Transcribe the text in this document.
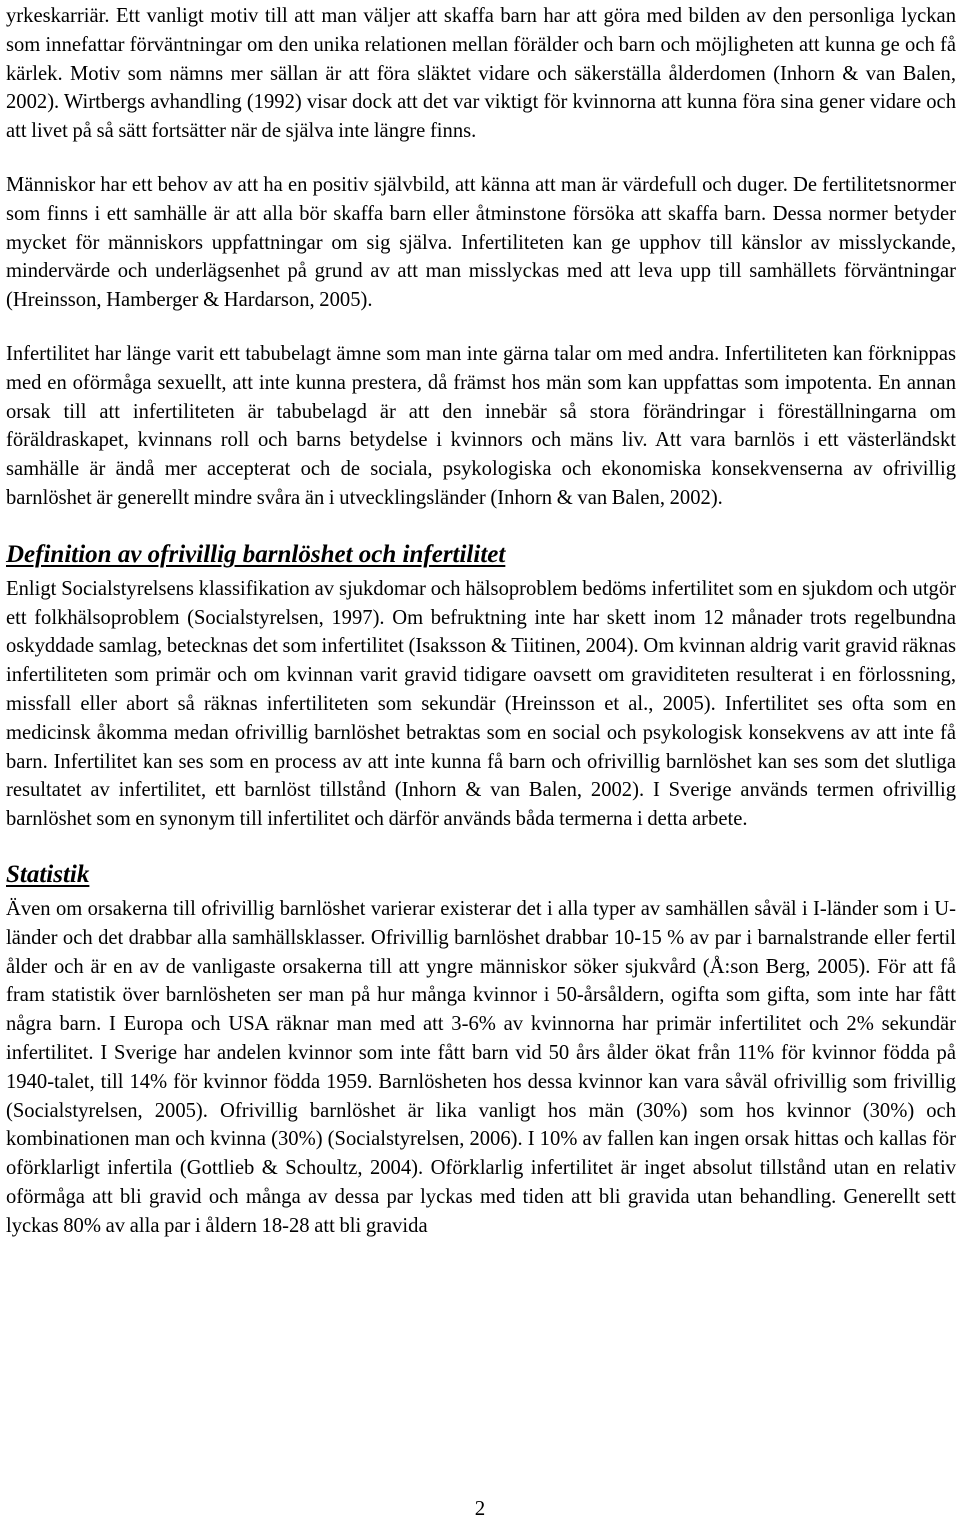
yrkeskarriär. Ett vanligt motiv till att man väljer att skaffa barn har att göra med bilden av den personliga lyckan som innefattar förväntningar om den unika relationen mellan förälder och barn och möjligheten att kunna ge och få kärlek. Motiv som nämns mer sällan är att föra släktet vidare och säkerställa ålderdomen (Inhorn & van Balen, 2002). Wirtbergs avhandling (1992) visar dock att det var viktigt för kvinnorna att kunna föra sina gener vidare och att livet på så sätt fortsätter när de själva inte längre finns.

Människor har ett behov av att ha en positiv självbild, att känna att man är värdefull och duger. De fertilitetsnormer som finns i ett samhälle är att alla bör skaffa barn eller åtminstone försöka att skaffa barn. Dessa normer betyder mycket för människors uppfattningar om sig själva. Infertiliteten kan ge upphov till känslor av misslyckande, mindervärde och underlägsenhet på grund av att man misslyckas med att leva upp till samhällets förväntningar (Hreinsson, Hamberger & Hardarson, 2005).

Infertilitet har länge varit ett tabubelagt ämne som man inte gärna talar om med andra. Infertiliteten kan förknippas med en oförmåga sexuellt, att inte kunna prestera, då främst hos män som kan uppfattas som impotenta. En annan orsak till att infertiliteten är tabubelagd är att den innebär så stora förändringar i föreställningarna om föräldraskapet, kvinnans roll och barns betydelse i kvinnors och mäns liv. Att vara barnlös i ett västerländskt samhälle är ändå mer accepterat och de sociala, psykologiska och ekonomiska konsekvenserna av ofrivillig barnlöshet är generellt mindre svåra än i utvecklingsländer (Inhorn & van Balen, 2002).

Definition av ofrivillig barnlöshet och infertilitet

Enligt Socialstyrelsens klassifikation av sjukdomar och hälsoproblem bedöms infertilitet som en sjukdom och utgör ett folkhälsoproblem (Socialstyrelsen, 1997). Om befruktning inte har skett inom 12 månader trots regelbundna oskyddade samlag, betecknas det som infertilitet (Isaksson & Tiitinen, 2004). Om kvinnan aldrig varit gravid räknas infertiliteten som primär och om kvinnan varit gravid tidigare oavsett om graviditeten resulterat i en förlossning, missfall eller abort så räknas infertiliteten som sekundär (Hreinsson et al., 2005). Infertilitet ses ofta som en medicinsk åkomma medan ofrivillig barnlöshet betraktas som en social och psykologisk konsekvens av att inte få barn. Infertilitet kan ses som en process av att inte kunna få barn och ofrivillig barnlöshet kan ses som det slutliga resultatet av infertilitet, ett barnlöst tillstånd (Inhorn & van Balen, 2002). I Sverige används termen ofrivillig barnlöshet som en synonym till infertilitet och därför används båda termerna i detta arbete.

Statistik

Även om orsakerna till ofrivillig barnlöshet varierar existerar det i alla typer av samhällen såväl i I-länder som i U-länder och det drabbar alla samhällsklasser. Ofrivillig barnlöshet drabbar 10-15 % av par i barnalstrande eller fertil ålder och är en av de vanligaste orsakerna till att yngre människor söker sjukvård (Å:son Berg, 2005). För att få fram statistik över barnlösheten ser man på hur många kvinnor i 50-årsåldern, ogifta som gifta, som inte har fått några barn. I Europa och USA räknar man med att 3-6% av kvinnorna har primär infertilitet och 2% sekundär infertilitet. I Sverige har andelen kvinnor som inte fått barn vid 50 års ålder ökat från 11% för kvinnor födda på 1940-talet, till 14% för kvinnor födda 1959. Barnlösheten hos dessa kvinnor kan vara såväl ofrivillig som frivillig (Socialstyrelsen, 2005). Ofrivillig barnlöshet är lika vanligt hos män (30%) som hos kvinnor (30%) och kombinationen man och kvinna (30%) (Socialstyrelsen, 2006). I 10% av fallen kan ingen orsak hittas och kallas för oförklarligt infertila (Gottlieb & Schoultz, 2004). Oförklarlig infertilitet är inget absolut tillstånd utan en relativ oförmåga att bli gravid och många av dessa par lyckas med tiden att bli gravida utan behandling. Generellt sett lyckas 80% av alla par i åldern 18-28 att bli gravida

2
